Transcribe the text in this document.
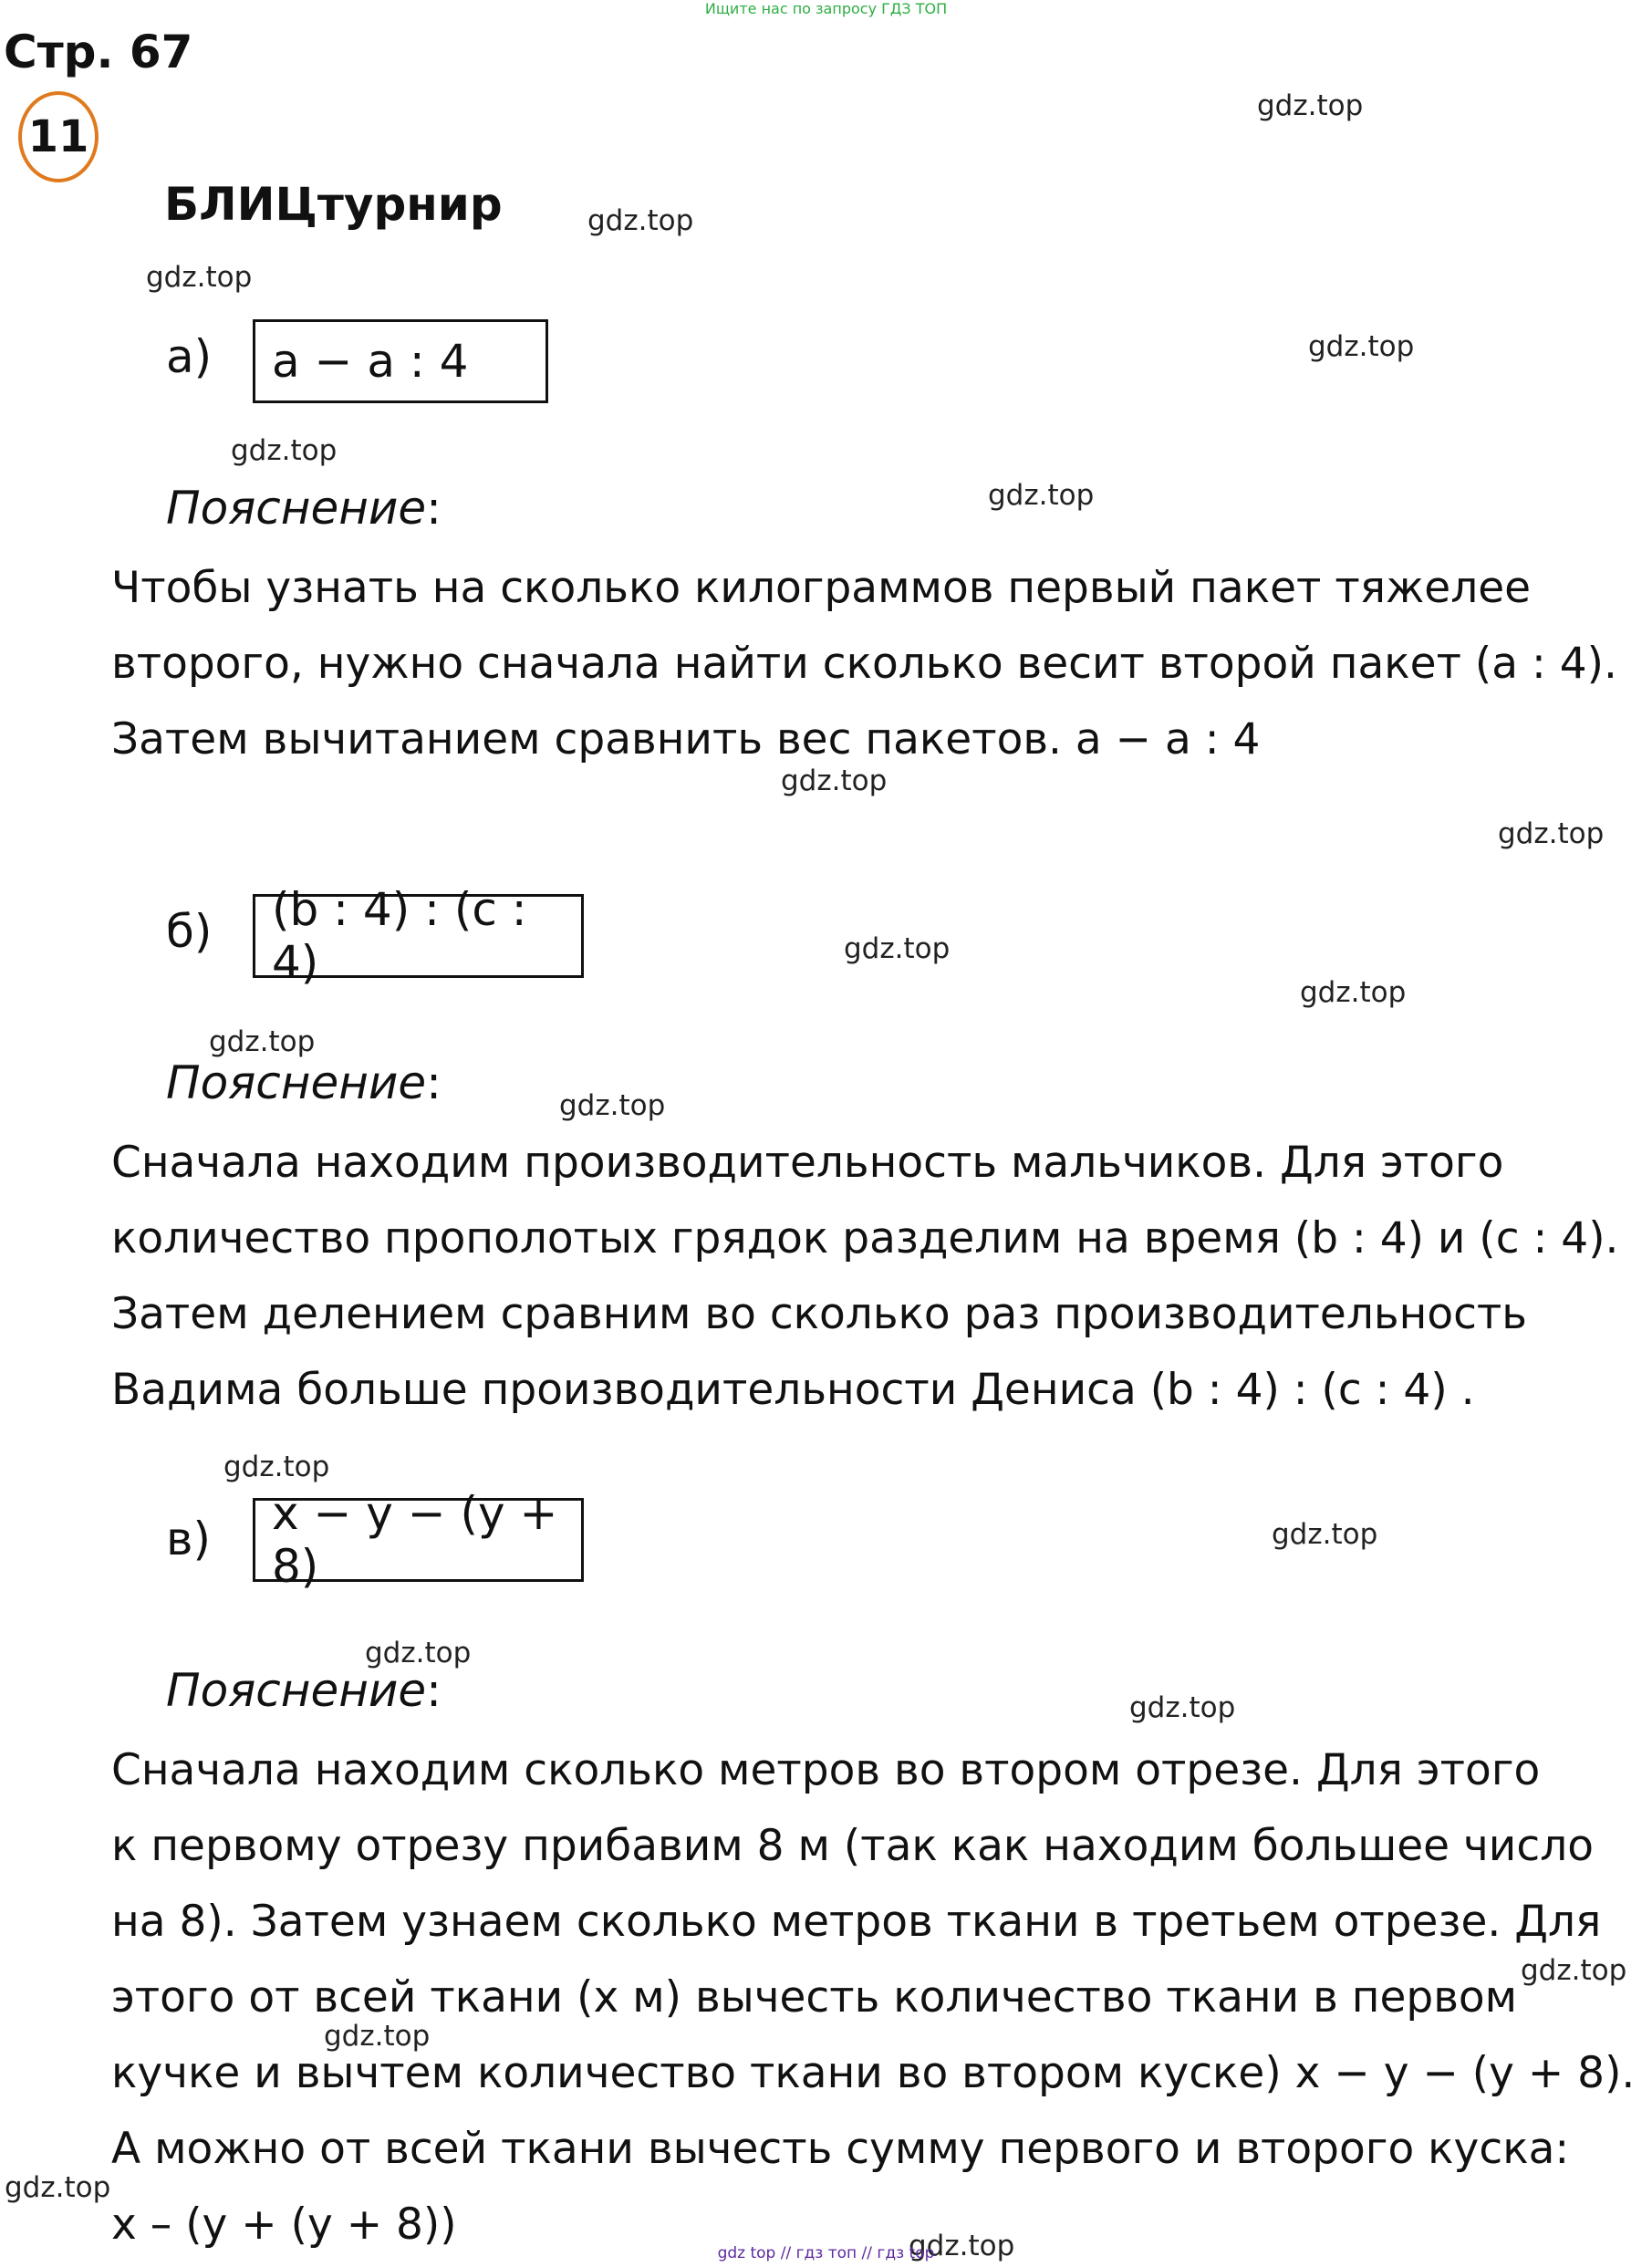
Ищите нас по запросу ГДЗ ТОП
Стр. 67
11
БЛИЦтурнир
а) a − a : 4
Пояснение:
Чтобы узнать на сколько килограммов первый пакет тяжелее
второго, нужно сначала найти сколько весит второй пакет (а : 4).
Затем вычитанием сравнить вес пакетов. a − a : 4
б) (b : 4) : (c : 4)
Пояснение:
Сначала находим производительность мальчиков. Для этого
количество прополотых грядок разделим на время (b : 4) и (c : 4).
Затем делением сравним во сколько раз производительность
Вадима больше производительности Дениса (b : 4) : (c : 4) .
в) x − y − (y + 8)
Пояснение:
Сначала находим сколько метров во втором отрезе. Для этого
к первому отрезу прибавим 8 м (так как находим большее число
на 8). Затем узнаем сколько метров ткани в третьем отрезе. Для
этого от всей ткани (x м) вычесть количество ткани в первом
кучке и вычтем количество ткани во втором куске) x − y − (y + 8).
А можно от всей ткани вычесть сумму первого и второго куска:
x – (y + (y + 8))
gdz.top
gdz.top
gdz.top
gdz.top
gdz.top
gdz.top
gdz.top
gdz.top
gdz.top
gdz.top
gdz.top
gdz.top
gdz.top
gdz.top
gdz.top
gdz.top
gdz.top
gdz.top
gdz.top
gdz.top
gdz top // гдз топ // гдз top
